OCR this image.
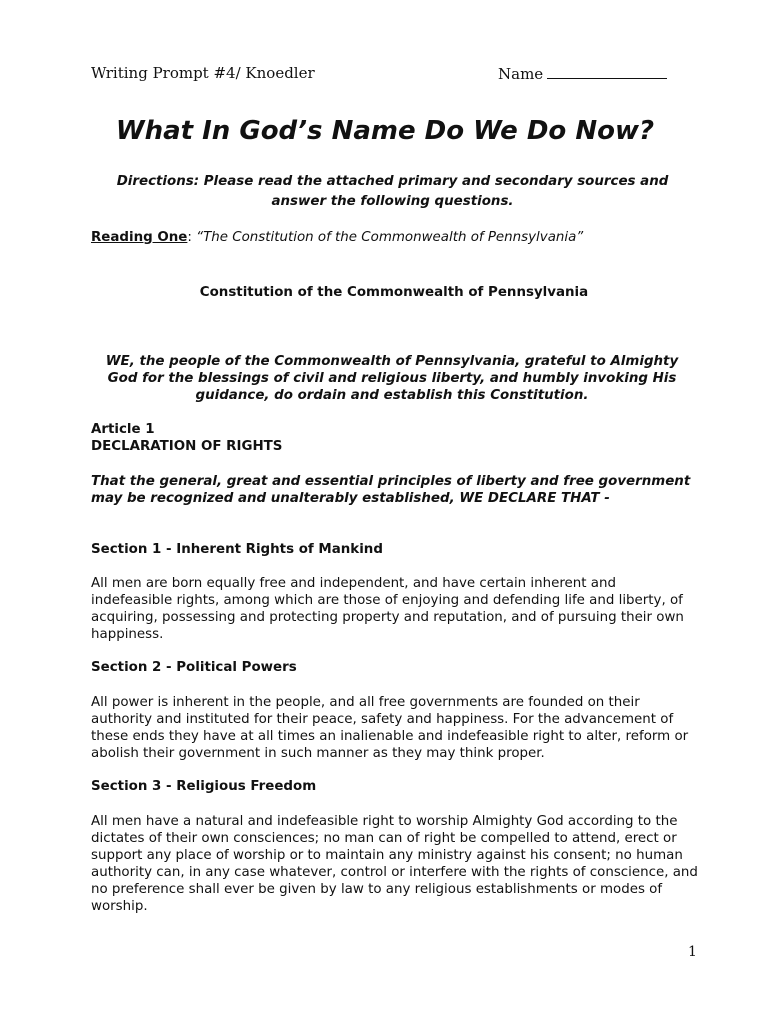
Writing Prompt #4/ Knoedler	Name
What In God’s Name Do We Do Now?
Directions: Please read the attached primary and secondary sources and answer the following questions.
Reading One: “The Constitution of the Commonwealth of Pennsylvania”
Constitution of the Commonwealth of Pennsylvania
WE, the people of the Commonwealth of Pennsylvania, grateful to Almighty God for the blessings of civil and religious liberty, and humbly invoking His guidance, do ordain and establish this Constitution.
Article 1
DECLARATION OF RIGHTS
That the general, great and essential principles of liberty and free government may be recognized and unalterably established, WE DECLARE THAT -
Section 1 - Inherent Rights of Mankind
All men are born equally free and independent, and have certain inherent and indefeasible rights, among which are those of enjoying and defending life and liberty, of acquiring, possessing and protecting property and reputation, and of pursuing their own happiness.
Section 2 - Political Powers
All power is inherent in the people, and all free governments are founded on their authority and instituted for their peace, safety and happiness. For the advancement of these ends they have at all times an inalienable and indefeasible right to alter, reform or abolish their government in such manner as they may think proper.
Section 3 - Religious Freedom
All men have a natural and indefeasible right to worship Almighty God according to the dictates of their own consciences; no man can of right be compelled to attend, erect or support any place of worship or to maintain any ministry against his consent; no human authority can, in any case whatever, control or interfere with the rights of conscience, and no preference shall ever be given by law to any religious establishments or modes of worship.
1
